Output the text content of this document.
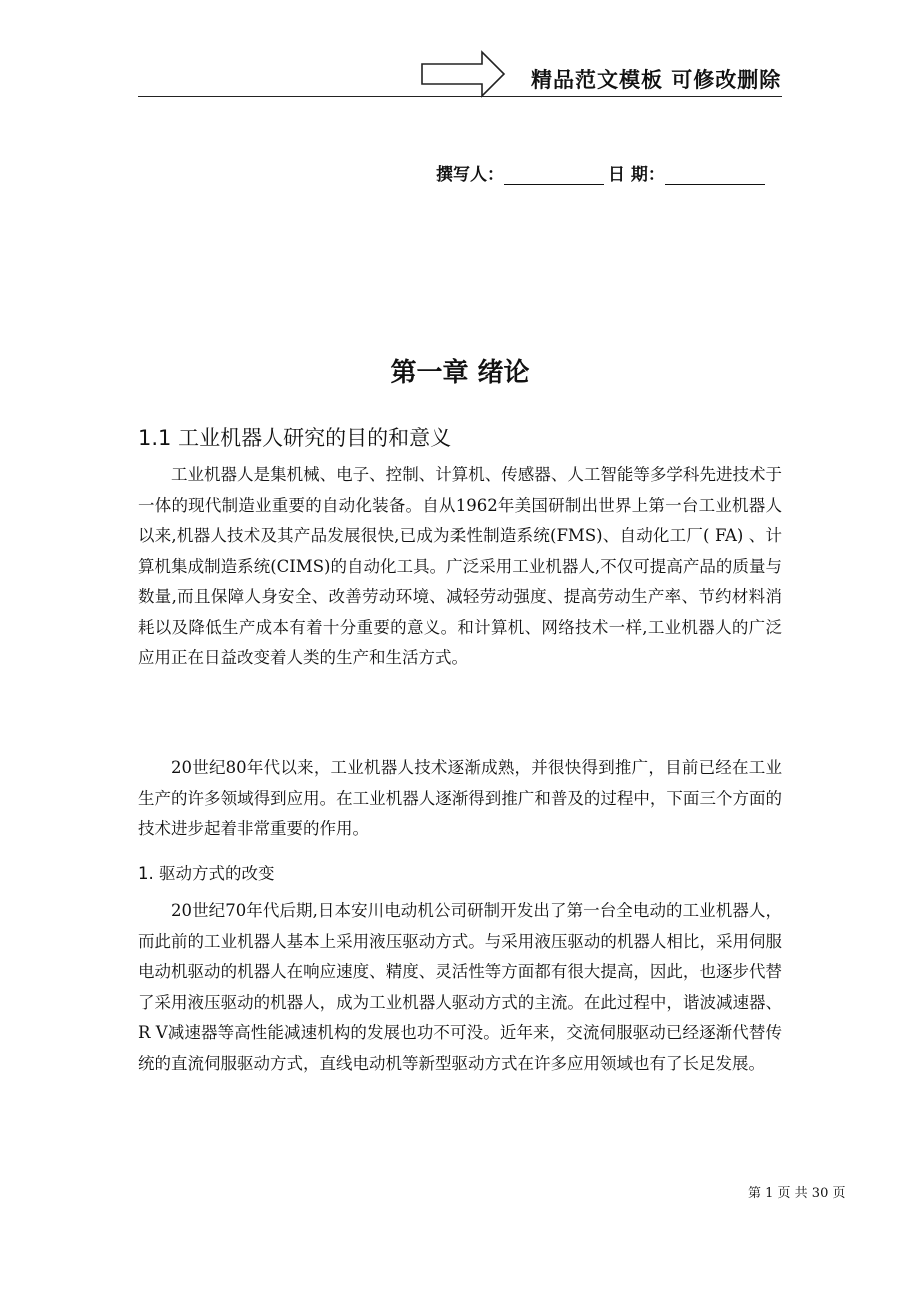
精品范文模板 可修改删除
撰写人：	日 期：
第一章 绪论
1.1 工业机器人研究的目的和意义

工业机器人是集机械、电子、控制、计算机、传感器、人工智能等多学科先进技术于一体的现代制造业重要的自动化装备。自从1962年美国研制出世界上第一台工业机器人以来,机器人技术及其产品发展很快,已成为柔性制造系统(FMS)、自动化工厂( FA) 、计算机集成制造系统(CIMS)的自动化工具。广泛采用工业机器人,不仅可提高产品的质量与数量,而且保障人身安全、改善劳动环境、减轻劳动强度、提高劳动生产率、节约材料消耗以及降低生产成本有着十分重要的意义。和计算机、网络技术一样,工业机器人的广泛应用正在日益改变着人类的生产和生活方式。

20世纪80年代以来，工业机器人技术逐渐成熟，并很快得到推广，目前已经在工业生产的许多领域得到应用。在工业机器人逐渐得到推广和普及的过程中，下面三个方面的技术进步起着非常重要的作用。

1. 驱动方式的改变

20世纪70年代后期,日本安川电动机公司研制开发出了第一台全电动的工业机器人，而此前的工业机器人基本上采用液压驱动方式。与采用液压驱动的机器人相比，采用伺服电动机驱动的机器人在响应速度、精度、灵活性等方面都有很大提高，因此，也逐步代替了采用液压驱动的机器人，成为工业机器人驱动方式的主流。在此过程中，谐波减速器、R V减速器等高性能减速机构的发展也功不可没。近年来，交流伺服驱动已经逐渐代替传统的直流伺服驱动方式，直线电动机等新型驱动方式在许多应用领域也有了长足发展。

第 1 页 共 30 页
